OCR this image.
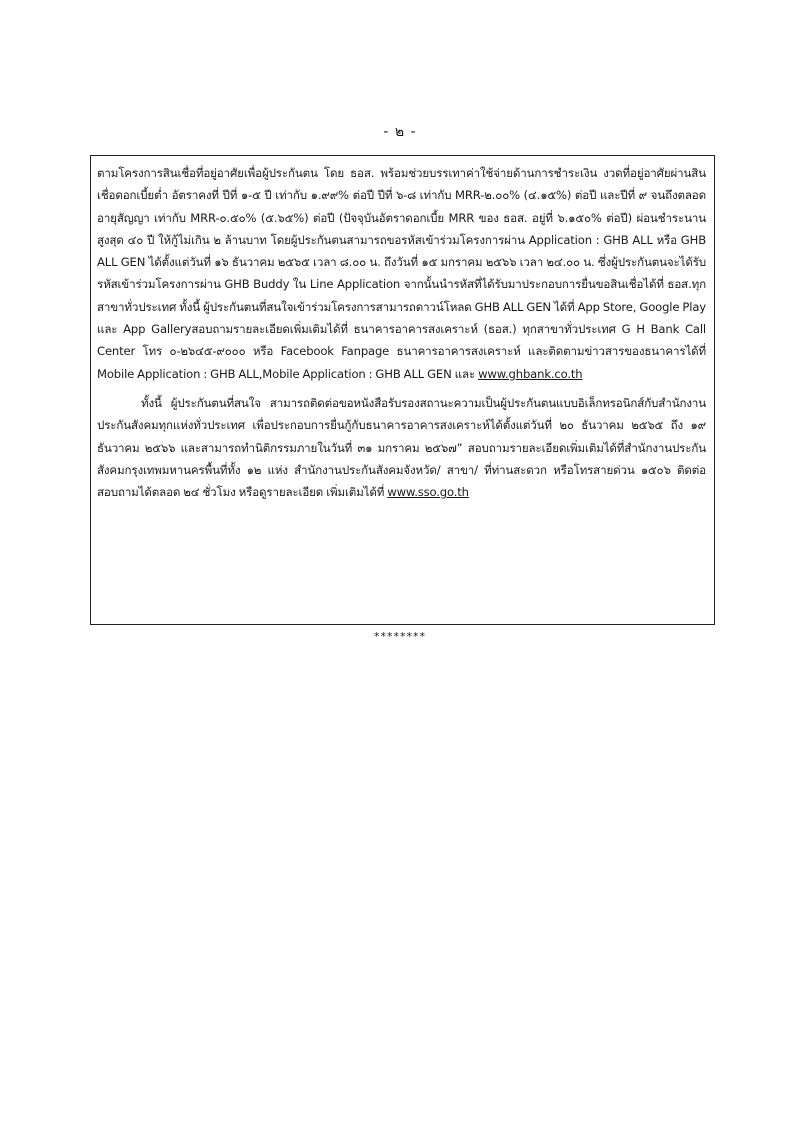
- ๒ -

ตามโครงการสินเชื่อที่อยู่อาศัยเพื่อผู้ประกันตน โดย ธอส. พร้อมช่วยบรรเทาค่าใช้จ่ายด้านการชำระเงิน งวดที่อยู่อาศัยผ่านสินเชื่อดอกเบี้ยต่ำ อัตราคงที่ ปีที่ ๑-๕ ปี เท่ากับ ๑.๙๙% ต่อปี ปีที่ ๖-๘ เท่ากับ MRR-๒.๐๐% (๔.๑๕%) ต่อปี และปีที่ ๙ จนถึงตลอดอายุสัญญา เท่ากับ MRR-๐.๕๐% (๕.๖๕%) ต่อปี (ปัจจุบันอัตราดอกเบี้ย MRR ของ ธอส. อยู่ที่ ๖.๑๕๐% ต่อปี) ผ่อนชำระนานสูงสุด ๔๐ ปี ให้กู้ไม่เกิน ๒ ล้านบาท โดยผู้ประกันตนสามารถขอรหัสเข้าร่วมโครงการผ่าน Application : GHB ALL หรือ GHB ALL GEN ได้ตั้งแต่วันที่ ๑๖ ธันวาคม ๒๕๖๕ เวลา ๘.๐๐ น. ถึงวันที่ ๑๕ มกราคม ๒๕๖๖ เวลา ๒๔.๐๐ น. ซึ่งผู้ประกันตนจะได้รับรหัสเข้าร่วมโครงการผ่าน GHB Buddy ใน Line Application จากนั้นนำรหัสที่ได้รับมาประกอบการยื่นขอสินเชื่อได้ที่ ธอส.ทุกสาขาทั่วประเทศ ทั้งนี้ ผู้ประกันตนที่สนใจเข้าร่วมโครงการสามารถดาวน์โหลด GHB ALL GEN ได้ที่ App Store, Google Play และ App Galleryสอบถามรายละเอียดเพิ่มเติมได้ที่ ธนาคารอาคารสงเคราะห์ (ธอส.) ทุกสาขาทั่วประเทศ G H Bank Call Center โทร ๐-๒๖๔๕-๙๐๐๐ หรือ Facebook Fanpage ธนาคารอาคารสงเคราะห์ และติดตามข่าวสารของธนาคารได้ที่ Mobile Application : GHB ALL,Mobile Application : GHB ALL GEN และ www.ghbank.co.th

ทั้งนี้ ผู้ประกันตนที่สนใจ สามารถติดต่อขอหนังสือรับรองสถานะความเป็นผู้ประกันตนแบบอิเล็กทรอนิกส์กับสำนักงานประกันสังคมทุกแห่งทั่วประเทศ เพื่อประกอบการยื่นกู้กับธนาคารอาคารสงเคราะห์ได้ตั้งแต่วันที่ ๒๐ ธันวาคม ๒๕๖๕ ถึง ๑๙ ธันวาคม ๒๕๖๖ และสามารถทำนิติกรรมภายในวันที่ ๓๑ มกราคม ๒๕๖๗” สอบถามรายละเอียดเพิ่มเติมได้ที่สำนักงานประกันสังคมกรุงเทพมหานครพื้นที่ทั้ง ๑๒ แห่ง สำนักงานประกันสังคมจังหวัด/ สาขา/ ที่ท่านสะดวก หรือโทรสายด่วน ๑๕๐๖ ติดต่อสอบถามได้ตลอด ๒๔ ชั่วโมง หรือดูรายละเอียด เพิ่มเติมได้ที่ www.sso.go.th

********
